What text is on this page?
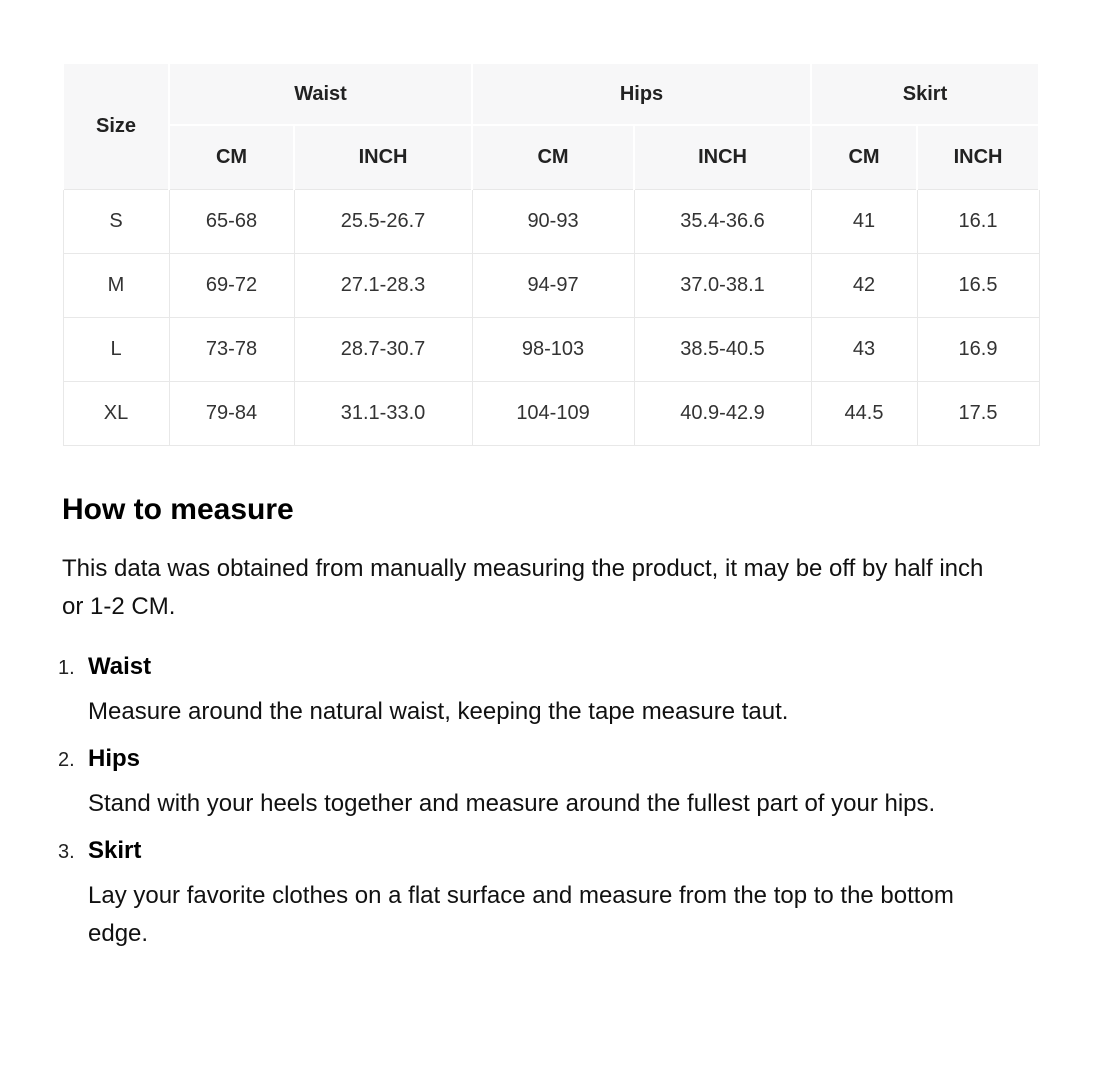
Size	Waist		Hips		Skirt	
	CM	INCH	CM	INCH	CM	INCH
S	65-68	25.5-26.7	90-93	35.4-36.6	41	16.1
M	69-72	27.1-28.3	94-97	37.0-38.1	42	16.5
L	73-78	28.7-30.7	98-103	38.5-40.5	43	16.9
XL	79-84	31.1-33.0	104-109	40.9-42.9	44.5	17.5
How to measure

This data was obtained from manually measuring the product, it may be off by half inch or 1-2 CM.

1. Waist

Measure around the natural waist, keeping the tape measure taut.

2. Hips

Stand with your heels together and measure around the fullest part of your hips.

3. Skirt

Lay your favorite clothes on a flat surface and measure from the top to the bottom edge.
